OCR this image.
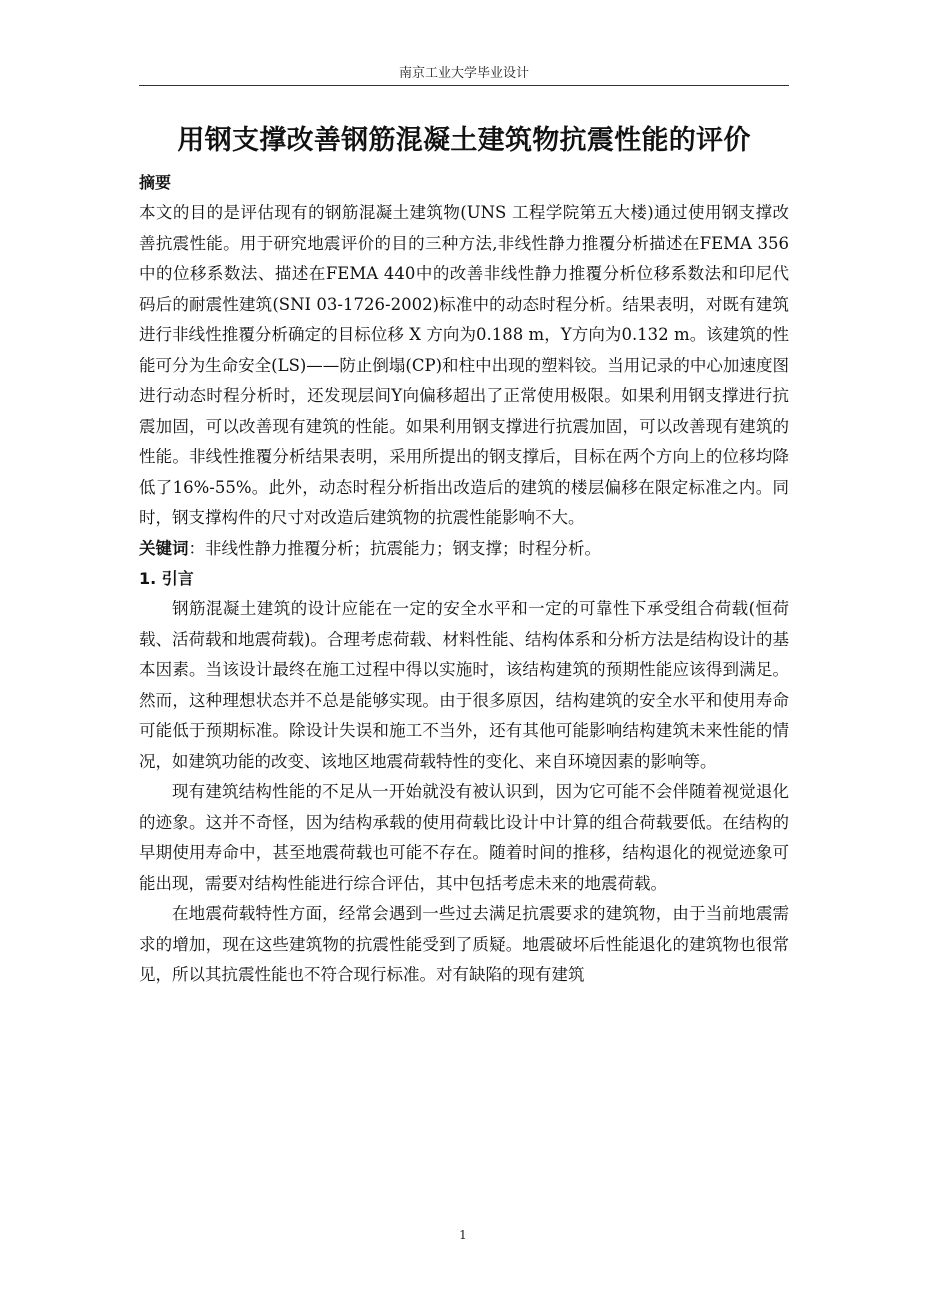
南京工业大学毕业设计
用钢支撑改善钢筋混凝土建筑物抗震性能的评价

摘要

本文的目的是评估现有的钢筋混凝土建筑物(UNS 工程学院第五大楼)通过使用钢支撑改善抗震性能。用于研究地震评价的目的三种方法,非线性静力推覆分析描述在FEMA 356中的位移系数法、描述在FEMA 440中的改善非线性静力推覆分析位移系数法和印尼代码后的耐震性建筑(SNI 03-1726-2002)标准中的动态时程分析。结果表明，对既有建筑进行非线性推覆分析确定的目标位移 X 方向为0.188 m，Y方向为0.132 m。该建筑的性能可分为生命安全(LS)——防止倒塌(CP)和柱中出现的塑料铰。当用记录的中心加速度图进行动态时程分析时，还发现层间Y向偏移超出了正常使用极限。如果利用钢支撑进行抗震加固，可以改善现有建筑的性能。如果利用钢支撑进行抗震加固，可以改善现有建筑的性能。非线性推覆分析结果表明，采用所提出的钢支撑后，目标在两个方向上的位移均降低了16%-55%。此外，动态时程分析指出改造后的建筑的楼层偏移在限定标准之内。同时，钢支撑构件的尺寸对改造后建筑物的抗震性能影响不大。

关键词：非线性静力推覆分析；抗震能力；钢支撑；时程分析。

1. 引言

钢筋混凝土建筑的设计应能在一定的安全水平和一定的可靠性下承受组合荷载(恒荷载、活荷载和地震荷载)。合理考虑荷载、材料性能、结构体系和分析方法是结构设计的基本因素。当该设计最终在施工过程中得以实施时，该结构建筑的预期性能应该得到满足。然而，这种理想状态并不总是能够实现。由于很多原因，结构建筑的安全水平和使用寿命可能低于预期标准。除设计失误和施工不当外，还有其他可能影响结构建筑未来性能的情况，如建筑功能的改变、该地区地震荷载特性的变化、来自环境因素的影响等。

现有建筑结构性能的不足从一开始就没有被认识到，因为它可能不会伴随着视觉退化的迹象。这并不奇怪，因为结构承载的使用荷载比设计中计算的组合荷载要低。在结构的早期使用寿命中，甚至地震荷载也可能不存在。随着时间的推移，结构退化的视觉迹象可能出现，需要对结构性能进行综合评估，其中包括考虑未来的地震荷载。

在地震荷载特性方面，经常会遇到一些过去满足抗震要求的建筑物，由于当前地震需求的增加，现在这些建筑物的抗震性能受到了质疑。地震破坏后性能退化的建筑物也很常见，所以其抗震性能也不符合现行标准。对有缺陷的现有建筑

1
